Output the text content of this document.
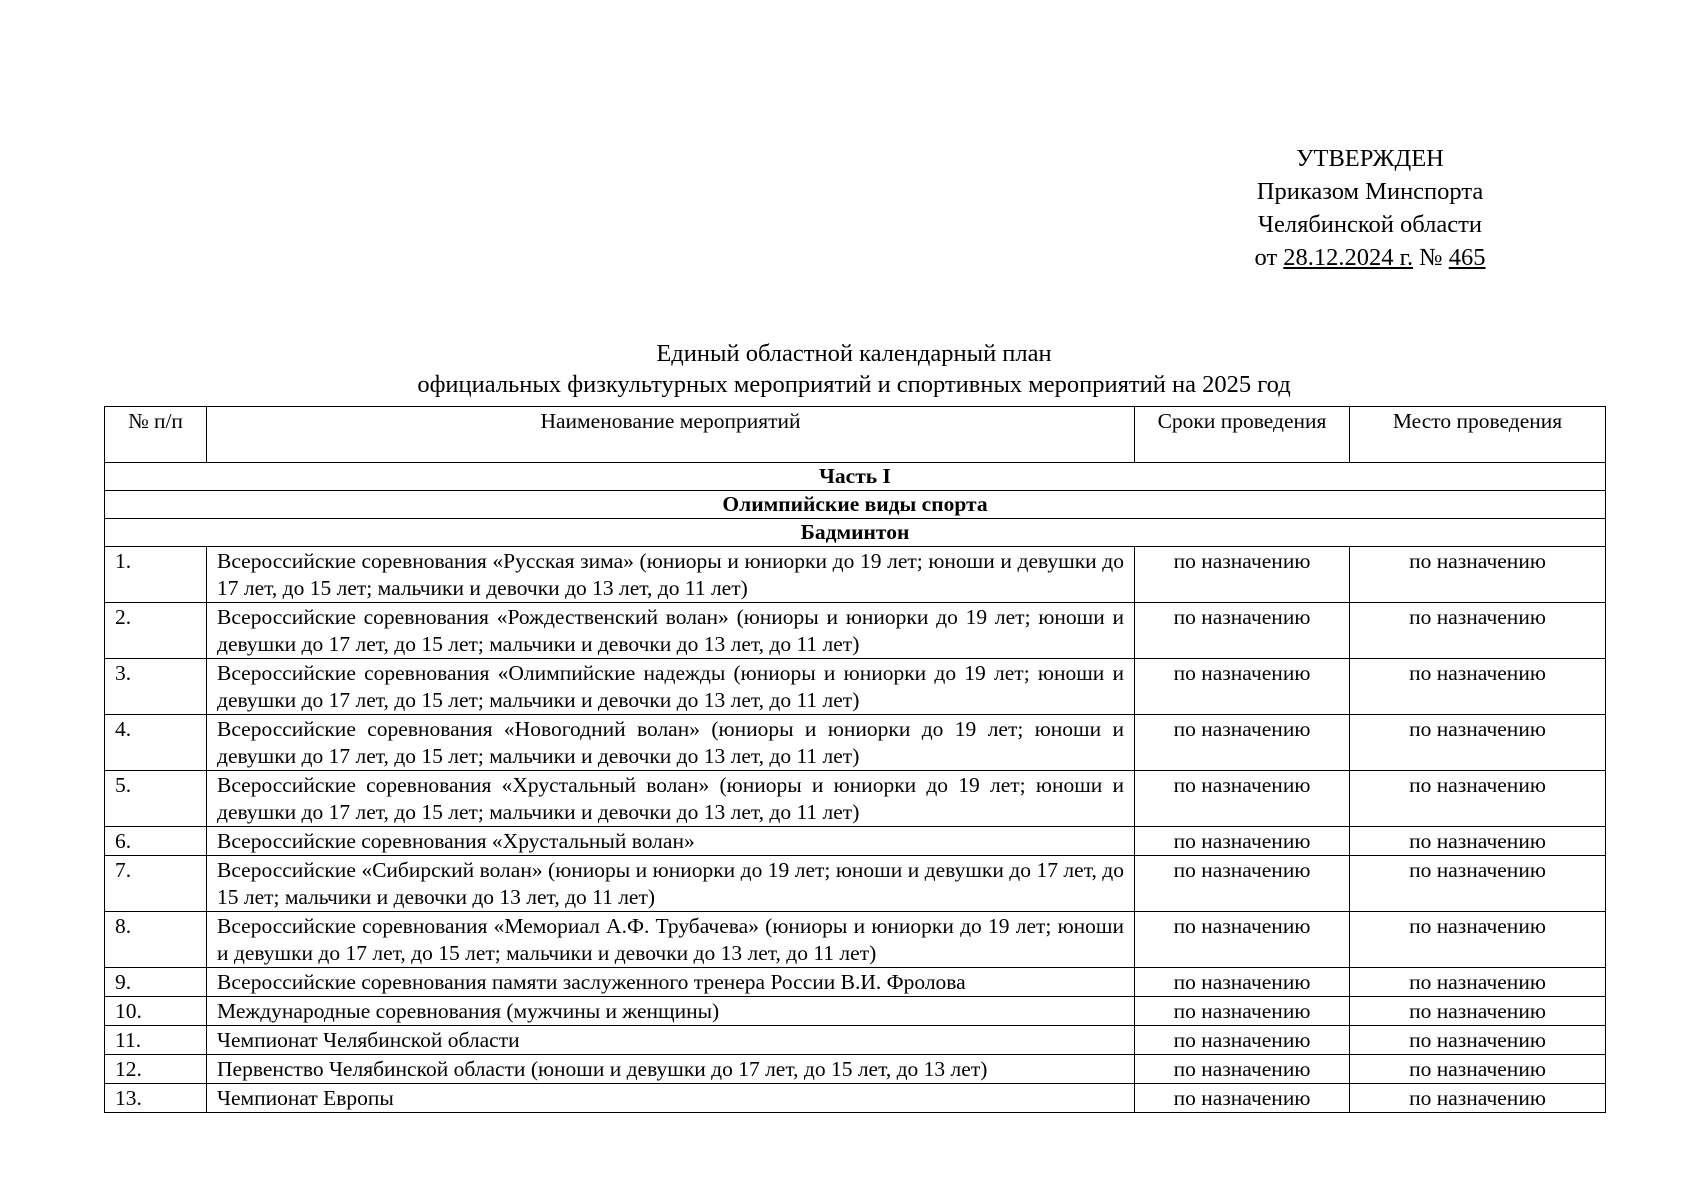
УТВЕРЖДЕН
Приказом Минспорта
Челябинской области
от 28.12.2024 г. № 465
Единый областной календарный план
официальных физкультурных мероприятий и спортивных мероприятий на 2025 год
№ п/п	Наименование мероприятий	Сроки проведения	Место проведения
Часть I			
Олимпийские виды спорта			
Бадминтон			
1.	Всероссийские соревнования «Русская зима» (юниоры и юниорки до 19 лет; юноши и девушки до 17 лет, до 15 лет; мальчики и девочки до 13 лет, до 11 лет)	по назначению	по назначению
2.	Всероссийские соревнования «Рождественский волан» (юниоры и юниорки до 19 лет; юноши и девушки до 17 лет, до 15 лет; мальчики и девочки до 13 лет, до 11 лет)	по назначению	по назначению
3.	Всероссийские соревнования «Олимпийские надежды (юниоры и юниорки до 19 лет; юноши и девушки до 17 лет, до 15 лет; мальчики и девочки до 13 лет, до 11 лет)	по назначению	по назначению
4.	Всероссийские соревнования «Новогодний волан» (юниоры и юниорки до 19 лет; юноши и девушки до 17 лет, до 15 лет; мальчики и девочки до 13 лет, до 11 лет)	по назначению	по назначению
5.	Всероссийские соревнования «Хрустальный волан» (юниоры и юниорки до 19 лет; юноши и девушки до 17 лет, до 15 лет; мальчики и девочки до 13 лет, до 11 лет)	по назначению	по назначению
6.	Всероссийские соревнования «Хрустальный волан»	по назначению	по назначению
7.	Всероссийские «Сибирский волан» (юниоры и юниорки до 19 лет; юноши и девушки до 17 лет, до 15 лет; мальчики и девочки до 13 лет, до 11 лет)	по назначению	по назначению
8.	Всероссийские соревнования «Мемориал А.Ф. Трубачева» (юниоры и юниорки до 19 лет; юноши и девушки до 17 лет, до 15 лет; мальчики и девочки до 13 лет, до 11 лет)	по назначению	по назначению
9.	Всероссийские соревнования памяти заслуженного тренера России В.И. Фролова	по назначению	по назначению
10.	Международные соревнования (мужчины и женщины)	по назначению	по назначению
11.	Чемпионат Челябинской области	по назначению	по назначению
12.	Первенство Челябинской области (юноши и девушки до 17 лет, до 15 лет, до 13 лет)	по назначению	по назначению
13.	Чемпионат Европы	по назначению	по назначению
